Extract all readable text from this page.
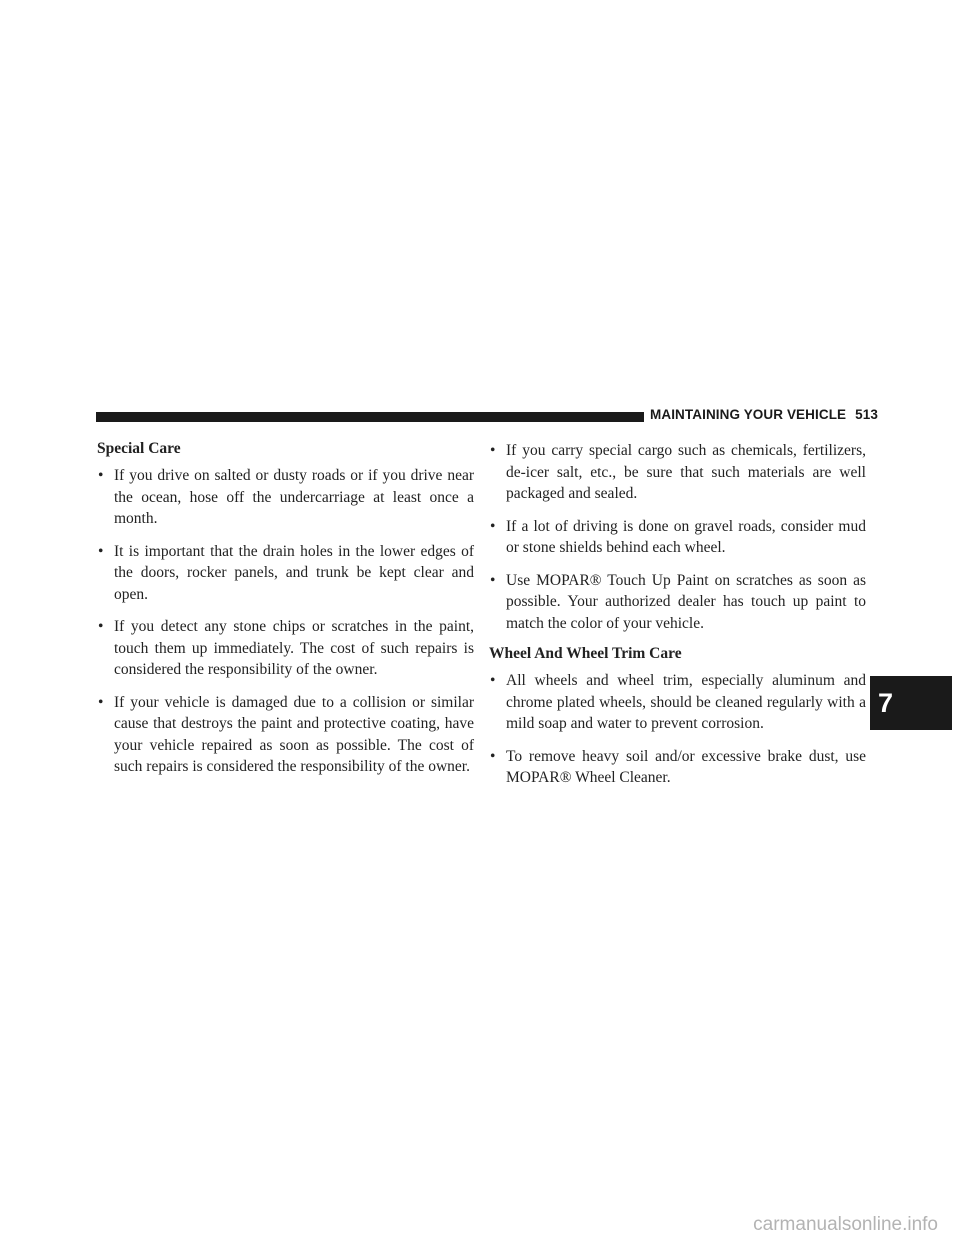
MAINTAINING YOUR VEHICLE 513
Special Care
• If you drive on salted or dusty roads or if you drive near the ocean, hose off the undercarriage at least once a month.
• It is important that the drain holes in the lower edges of the doors, rocker panels, and trunk be kept clear and open.
• If you detect any stone chips or scratches in the paint, touch them up immediately. The cost of such repairs is considered the responsibility of the owner.
• If your vehicle is damaged due to a collision or similar cause that destroys the paint and protective coating, have your vehicle repaired as soon as possible. The cost of such repairs is considered the responsibility of the owner.
• If you carry special cargo such as chemicals, fertilizers, de-icer salt, etc., be sure that such materials are well packaged and sealed.
• If a lot of driving is done on gravel roads, consider mud or stone shields behind each wheel.
• Use MOPAR® Touch Up Paint on scratches as soon as possible. Your authorized dealer has touch up paint to match the color of your vehicle.
Wheel And Wheel Trim Care
• All wheels and wheel trim, especially aluminum and chrome plated wheels, should be cleaned regularly with a mild soap and water to prevent corrosion.
• To remove heavy soil and/or excessive brake dust, use MOPAR® Wheel Cleaner.
7
carmanualsonline.info
